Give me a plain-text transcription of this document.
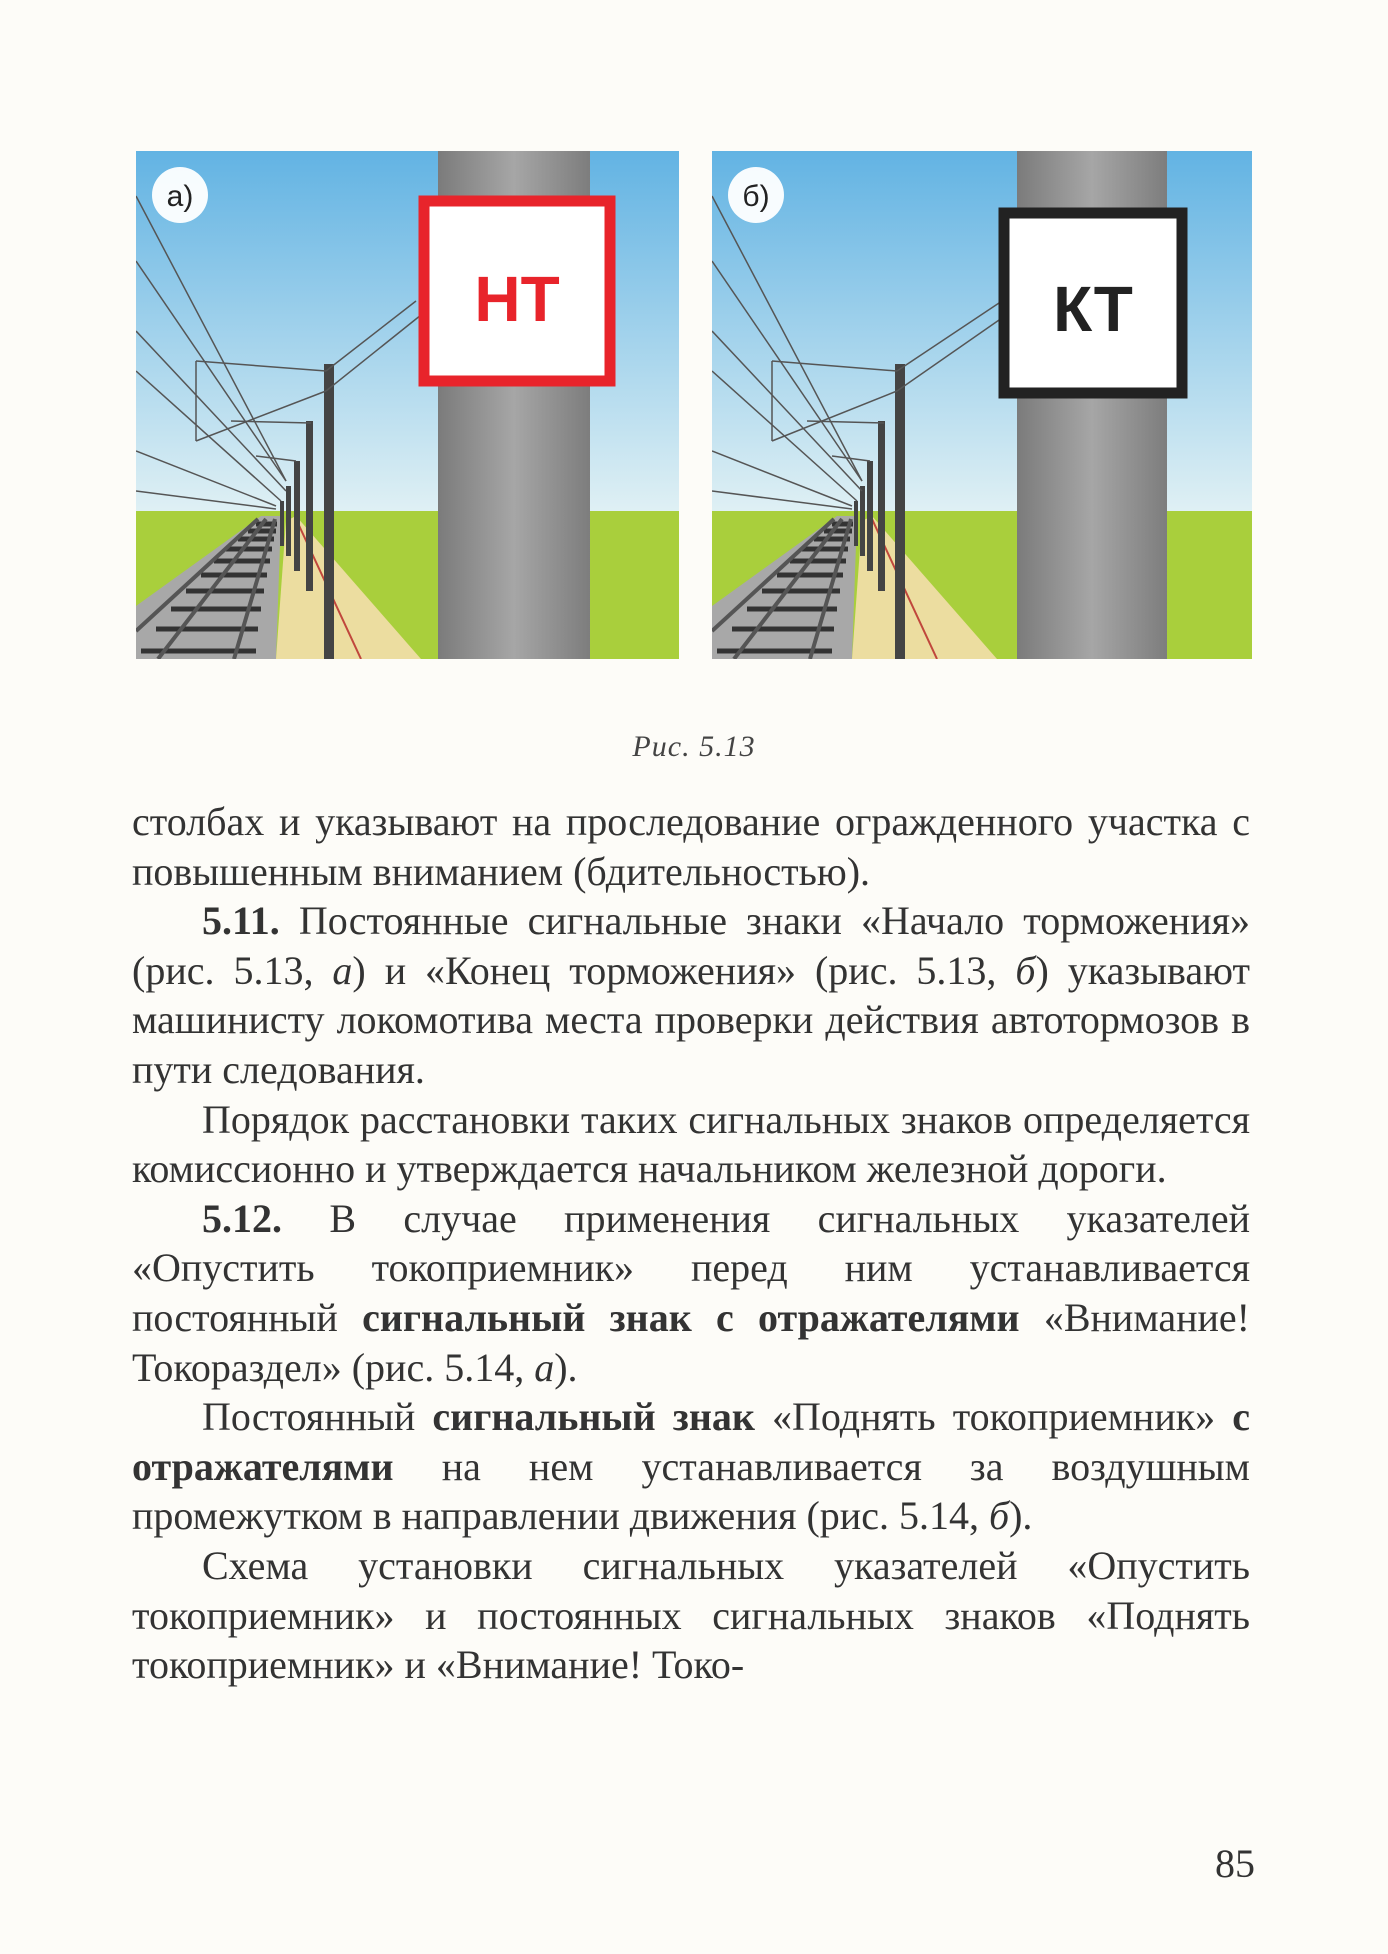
НТ
а)
КТ
б)
Рис. 5.13

столбах и указывают на проследование огражденного участка с повышенным вниманием (бдительностью).

5.11. Постоянные сигнальные знаки «Начало торможения» (рис. 5.13, а) и «Конец торможения» (рис. 5.13, б) указывают машинисту локомотива места проверки действия автотормозов в пути следования.

Порядок расстановки таких сигнальных знаков определяется комиссионно и утверждается начальником железной дороги.

5.12. В случае применения сигнальных указателей «Опустить токоприемник» перед ним устанавливается постоянный сигнальный знак с отражателями «Внимание! Токораздел» (рис. 5.14, а).

Постоянный сигнальный знак «Поднять токоприемник» с отражателями на нем устанавливается за воздушным промежутком в направлении движения (рис. 5.14, б).

Схема установки сигнальных указателей «Опустить токоприемник» и постоянных сигнальных знаков «Поднять токоприемник» и «Внимание! Токо-

85
